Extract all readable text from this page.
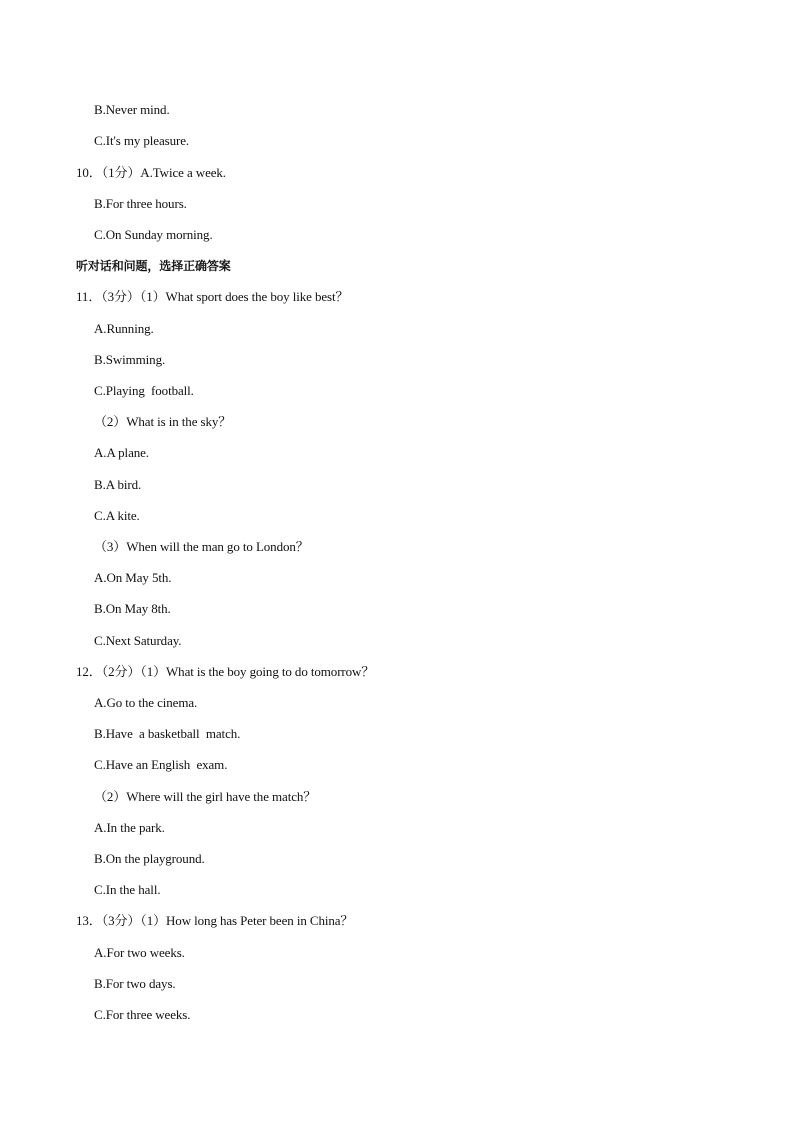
B.Never mind.
C.It's my pleasure.
10．（1分）A.Twice a week.
B.For three hours.
C.On Sunday morning.
听对话和问题，选择正确答案
11．（3分）（1）What sport does the boy like best？
A.Running.
B.Swimming.
C.Playing  football.
（2）What is in the sky？
A.A plane.
B.A bird.
C.A kite.
（3）When will the man go to London？
A.On May 5th.
B.On May 8th.
C.Next Saturday.
12．（2分）（1）What is the boy going to do tomorrow？
A.Go to the cinema.
B.Have  a basketball  match.
C.Have an English  exam.
（2）Where will the girl have the match？
A.In the park.
B.On the playground.
C.In the hall.
13．（3分）（1）How long has Peter been in China？
A.For two weeks.
B.For two days.
C.For three weeks.
